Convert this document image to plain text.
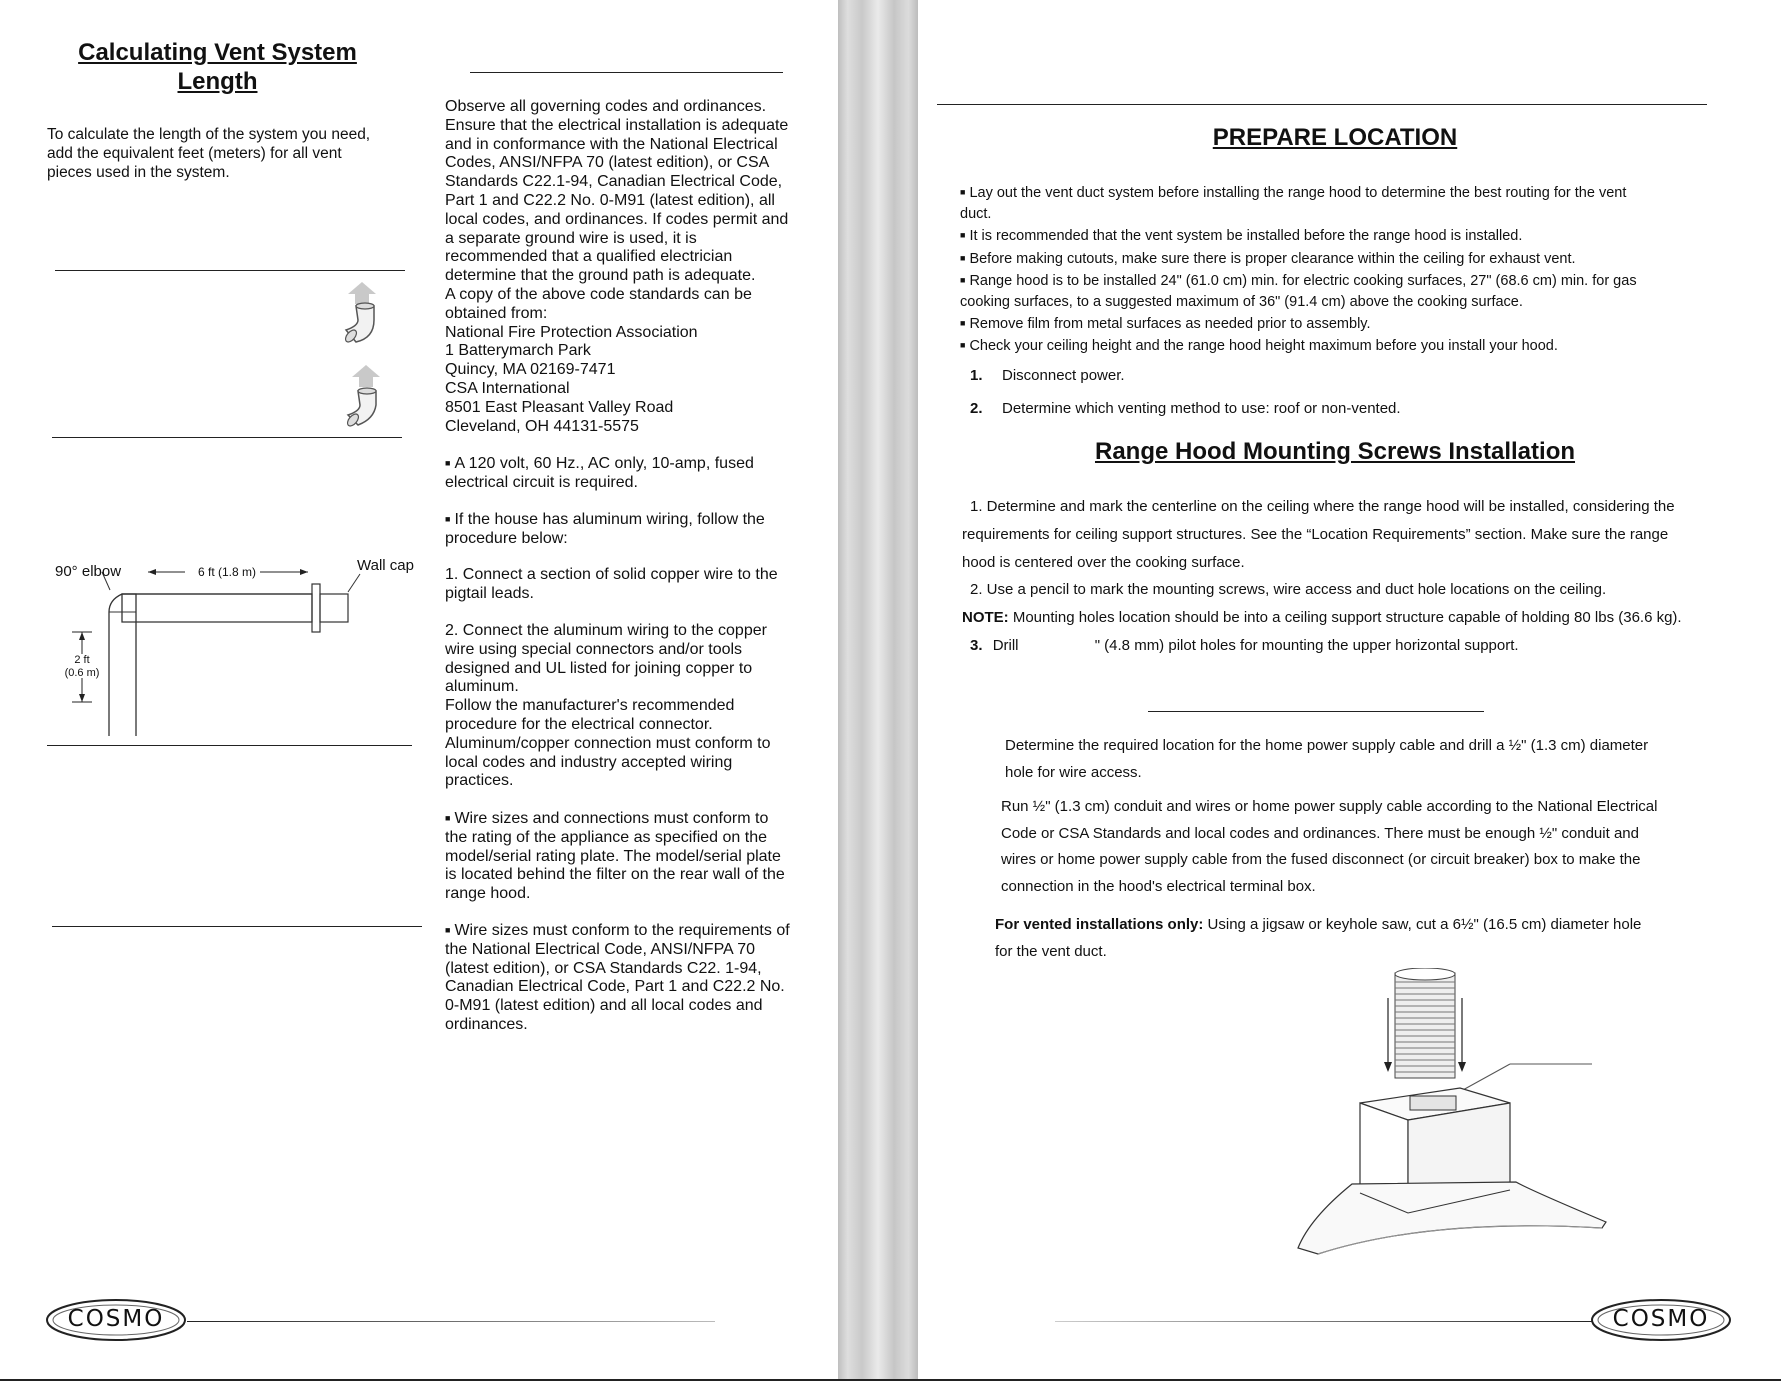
Calculating Vent System
Length
To calculate the length of the system you need,
add the equivalent feet (meters) for all vent
pieces used in the system.
90° elbow	6 ft (1.8 m)	Wall cap
2 ft
(0.6 m)
Observe all governing codes and ordinances.
Ensure that the electrical installation is adequate
and in conformance with the National Electrical
Codes, ANSI/NFPA 70 (latest edition), or CSA
Standards C22.1-94, Canadian Electrical Code,
Part 1 and C22.2 No. 0-M91 (latest edition), all
local codes, and ordinances. If codes permit and
a separate ground wire is used, it is
recommended that a qualified electrician
determine that the ground path is adequate.
A copy of the above code standards can be
obtained from:
National Fire Protection Association
1 Batterymarch Park
Quincy, MA 02169-7471
CSA International
8501 East Pleasant Valley Road
Cleveland, OH 44131-5575
■ A 120 volt, 60 Hz., AC only, 10-amp, fused
electrical circuit is required.
■ If the house has aluminum wiring, follow the
procedure below:
1. Connect a section of solid copper wire to the
pigtail leads.
2. Connect the aluminum wiring to the copper
wire using special connectors and/or tools
designed and UL listed for joining copper to
aluminum.
Follow the manufacturer's recommended
procedure for the electrical connector.
Aluminum/copper connection must conform to
local codes and industry accepted wiring
practices.
■ Wire sizes and connections must conform to
the rating of the appliance as specified on the
model/serial rating plate. The model/serial plate
is located behind the filter on the rear wall of the
range hood.
■ Wire sizes must conform to the requirements of
the National Electrical Code, ANSI/NFPA 70
(latest edition), or CSA Standards C22. 1-94,
Canadian Electrical Code, Part 1 and C22.2 No.
0-M91 (latest edition) and all local codes and
ordinances.
COSMO
PREPARE LOCATION
■ Lay out the vent duct system before installing the range hood to determine the best routing for the vent
duct.
■ It is recommended that the vent system be installed before the range hood is installed.
■ Before making cutouts, make sure there is proper clearance within the ceiling for exhaust vent.
■ Range hood is to be installed 24" (61.0 cm) min. for electric cooking surfaces, 27" (68.6 cm) min. for gas
cooking surfaces, to a suggested maximum of 36" (91.4 cm) above the cooking surface.
■ Remove film from metal surfaces as needed prior to assembly.
■ Check your ceiling height and the range hood height maximum before you install your hood.
1. Disconnect power.
2. Determine which venting method to use: roof or non-vented.
Range Hood Mounting Screws Installation
1. Determine and mark the centerline on the ceiling where the range hood will be installed, considering the
requirements for ceiling support structures. See the “Location Requirements” section. Make sure the range
hood is centered over the cooking surface.
2. Use a pencil to mark the mounting screws, wire access and duct hole locations on the ceiling.
NOTE: Mounting holes location should be into a ceiling support structure capable of holding 80 lbs (36.6 kg).
3. Drill	" (4.8 mm) pilot holes for mounting the upper horizontal support.
Determine the required location for the home power supply cable and drill a ½" (1.3 cm) diameter
hole for wire access.
Run ½" (1.3 cm) conduit and wires or home power supply cable according to the National Electrical
Code or CSA Standards and local codes and ordinances. There must be enough ½" conduit and
wires or home power supply cable from the fused disconnect (or circuit breaker) box to make the
connection in the hood's electrical terminal box.
For vented installations only: Using a jigsaw or keyhole saw, cut a 6½" (16.5 cm) diameter hole
for the vent duct.
COSMO
